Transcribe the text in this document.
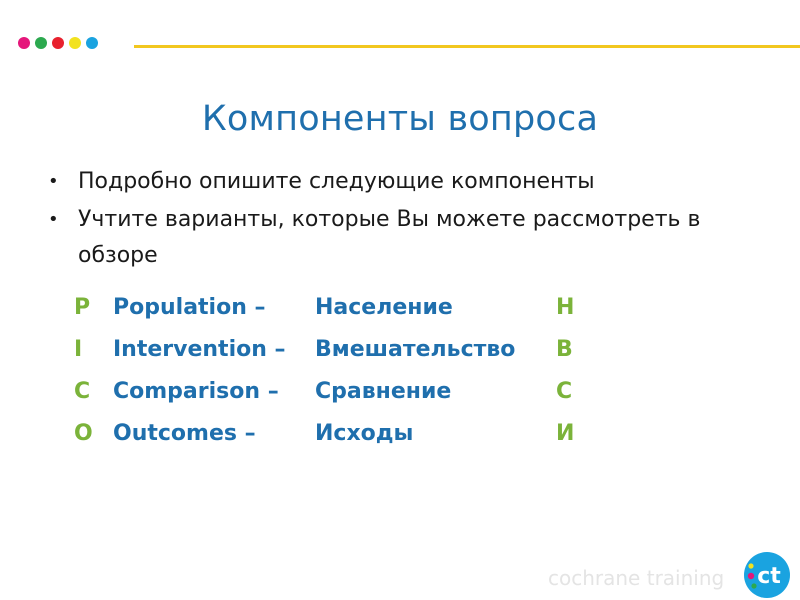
Компоненты вопроса
• Подробно опишите следующие компоненты
• Учтите варианты, которые Вы можете рассмотреть в обзоре
P	Population –	Население	Н
I	Intervention –	Вмешательство	В
C	Comparison –	Сравнение	С
O	Outcomes –	Исходы	И
cochrane training ct
